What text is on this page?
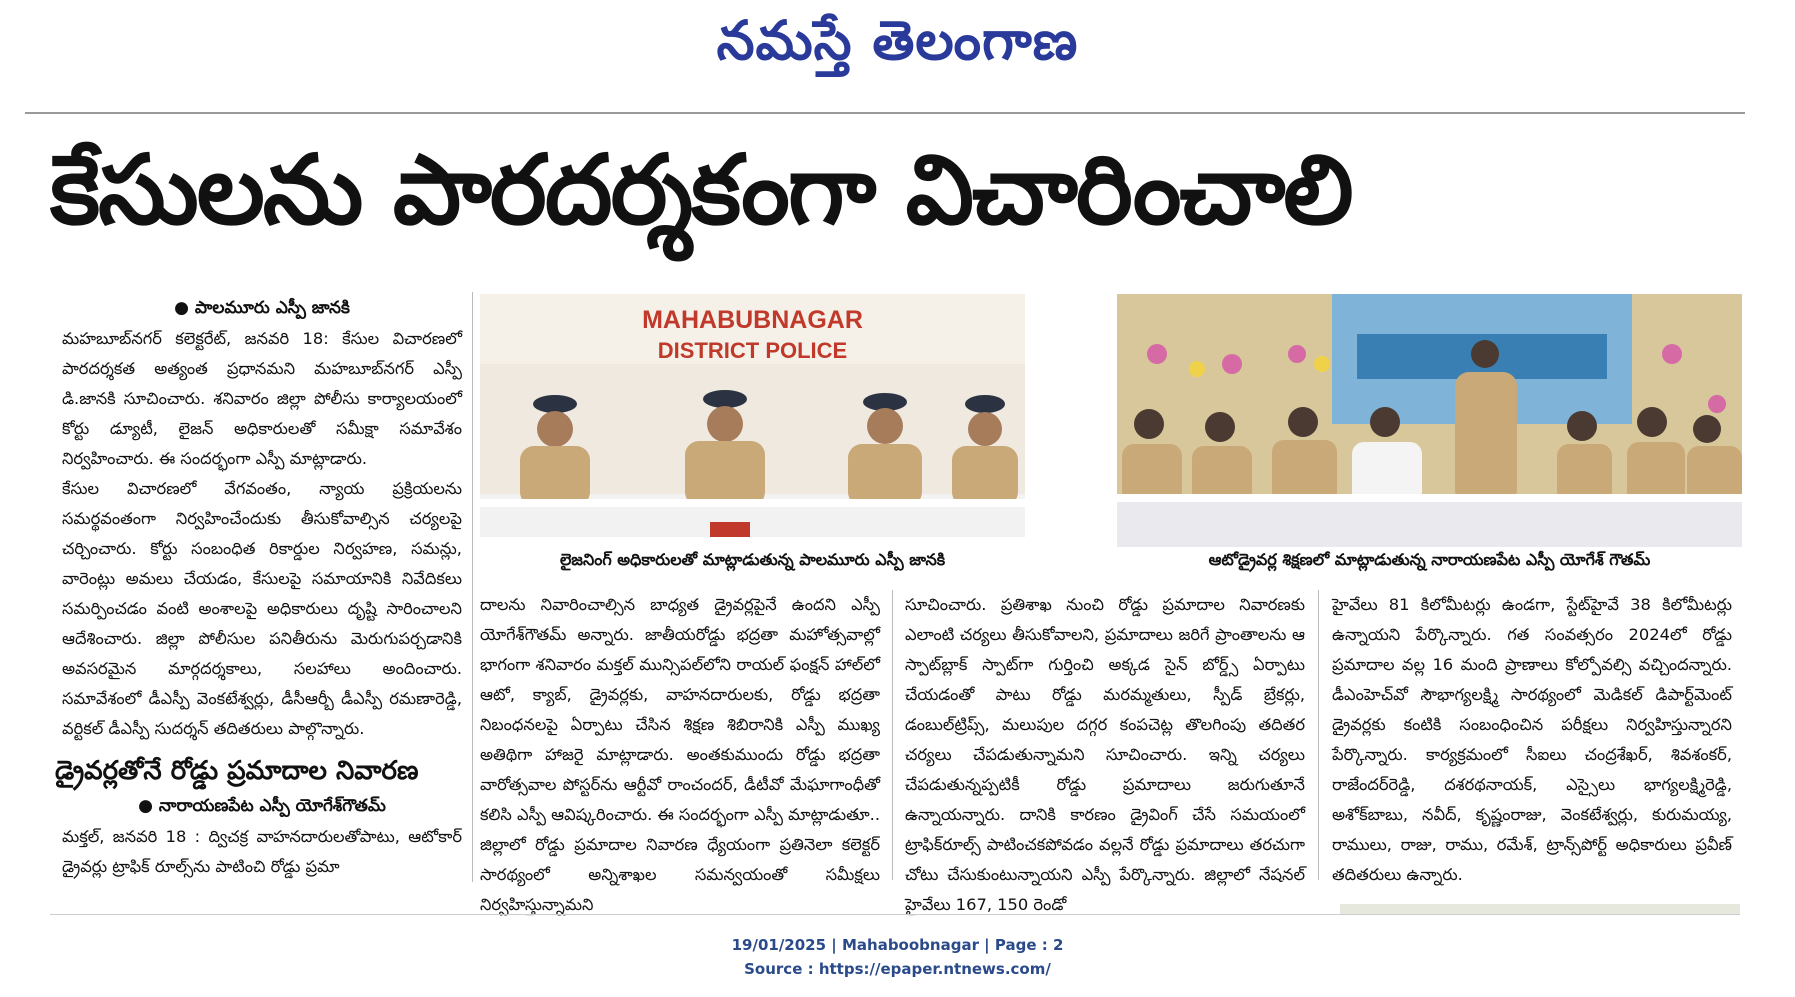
నమస్తే తెలంగాణ
కేసులను పారదర్శకంగా విచారించాలి
● పాలమూరు ఎస్పీ జానకి

మహబూబ్‌నగర్ కలెక్టరేట్, జనవరి 18: కేసుల విచారణలో పారదర్శకత అత్యంత ప్రధానమని మహబూబ్‌నగర్ ఎస్పీ డి.జానకి సూచించారు. శనివారం జిల్లా పోలీసు కార్యాలయంలో కోర్టు డ్యూటీ, లైజన్ అధికారులతో సమీక్షా సమావేశం నిర్వహించారు. ఈ సందర్భంగా ఎస్పీ మాట్లాడారు.

కేసుల విచారణలో వేగవంతం, న్యాయ ప్రక్రియలను సమర్థవంతంగా నిర్వహించేందుకు తీసుకోవాల్సిన చర్యలపై చర్చించారు. కోర్టు సంబంధిత రికార్డుల నిర్వహణ, సమన్లు, వారెంట్లు అమలు చేయడం, కేసులపై సమాయానికి నివేదికలు సమర్పించడం వంటి అంశాలపై అధికారులు దృష్టి సారించాలని ఆదేశించారు. జిల్లా పోలీసుల పనితీరును మెరుగుపర్చడానికి అవసరమైన మార్గదర్శకాలు, సలహాలు అందించారు. సమావేశంలో డీఎస్పీ వెంకటేశ్వర్లు, డీసీఆర్బీ డీఎస్పీ రమణారెడ్డి, వర్టికల్ డీఎస్పీ సుదర్శన్ తదితరులు పాల్గొన్నారు.

డ్రైవర్లతోనే రోడ్డు ప్రమాదాల నివారణ
● నారాయణపేట ఎస్పీ యోగేశ్‌గౌతమ్

మక్తల్, జనవరి 18 : ద్విచక్ర వాహనదారులతోపాటు, ఆటోకార్ డ్రైవర్లు ట్రాఫిక్ రూల్స్‌ను పాటించి రోడ్డు ప్రమా

MAHABUBNAGAR
DISTRICT POLICE
లైజనింగ్ అధికారులతో మాట్లాడుతున్న పాలమూరు ఎస్పీ జానకి	ఆటోడ్రైవర్ల శిక్షణలో మాట్లాడుతున్న నారాయణపేట ఎస్పీ యోగేశ్ గౌతమ్

దాలను నివారించాల్సిన బాధ్యత డ్రైవర్లపైనే ఉందని ఎస్పీ యోగేశ్‌గౌతమ్ అన్నారు. జాతీయరోడ్డు భద్రతా మహోత్సవాల్లో భాగంగా శనివారం మక్తల్ మున్సిపల్‌లోని రాయల్ ఫంక్షన్ హాల్‌లో ఆటో, క్యాబ్, డ్రైవర్లకు, వాహనదారులకు, రోడ్డు భద్రతా నిబంధనలపై ఏర్పాటు చేసిన శిక్షణ శిబిరానికి ఎస్పీ ముఖ్య అతిథిగా హాజరై మాట్లాడారు. అంతకుముందు రోడ్డు భద్రతా వారోత్సవాల పోస్టర్‌ను ఆర్టీవో రాంచందర్, డీటీవో మేఘాగాంధీతో కలిసి ఎస్పీ ఆవిష్కరించారు. ఈ సందర్భంగా ఎస్పీ మాట్లాడుతూ.. జిల్లాలో రోడ్డు ప్రమాదాల నివారణ ధ్యేయంగా ప్రతినెలా కలెక్టర్ సారథ్యంలో అన్నిశాఖల సమన్వయంతో సమీక్షలు నిర్వహిస్తున్నామని

సూచించారు. ప్రతిశాఖ నుంచి రోడ్డు ప్రమాదాల నివారణకు ఎలాంటి చర్యలు తీసుకోవాలని, ప్రమాదాలు జరిగే ప్రాంతాలను ఆ స్పాట్‌బ్లాక్ స్పాట్‌గా గుర్తించి అక్కడ సైన్ బోర్డ్స్ ఏర్పాటు చేయడంతో పాటు రోడ్డు మరమ్మతులు, స్పీడ్ బ్రేకర్లు, డంబుల్‌ట్రిప్స్, మలుపుల దగ్గర కంపచెట్ల తొలగింపు తదితర చర్యలు చేపడుతున్నామని సూచించారు. ఇన్ని చర్యలు చేపడుతున్నప్పటికీ రోడ్డు ప్రమాదాలు జరుగుతూనే ఉన్నాయన్నారు. దానికి కారణం డ్రైవింగ్ చేసే సమయంలో ట్రాఫిక్‌రూల్స్ పాటించకపోవడం వల్లనే రోడ్డు ప్రమాదాలు తరచుగా చోటు చేసుకుంటున్నాయని ఎస్పీ పేర్కొన్నారు. జిల్లాలో నేషనల్ హైవేలు 167, 150 రెండో

హైవేలు 81 కిలోమీటర్లు ఉండగా, స్టేట్‌హైవే 38 కిలోమీటర్లు ఉన్నాయని పేర్కొన్నారు. గత సంవత్సరం 2024లో రోడ్డు ప్రమాదాల వల్ల 16 మంది ప్రాణాలు కోల్పోవల్సి వచ్చిందన్నారు. డీఎంహెచ్‌వో సౌభాగ్యలక్ష్మి సారథ్యంలో మెడికల్ డిపార్ట్‌మెంట్ డ్రైవర్లకు కంటికి సంబంధించిన పరీక్షలు నిర్వహిస్తున్నారని పేర్కొన్నారు. కార్యక్రమంలో సీఐలు చంద్రశేఖర్, శివశంకర్, రాజేందర్‌రెడ్డి, దశరథనాయక్, ఎస్సైలు భాగ్యలక్ష్మిరెడ్డి, అశోక్‌బాబు, నవీద్, కృష్ణంరాజు, వెంకటేశ్వర్లు, కురుమయ్య, రాములు, రాజు, రాము, రమేశ్, ట్రాన్స్‌పోర్ట్ అధికారులు ప్రవీణ్ తదితరులు ఉన్నారు.

19/01/2025 | Mahaboobnagar | Page : 2
Source : https://epaper.ntnews.com/
